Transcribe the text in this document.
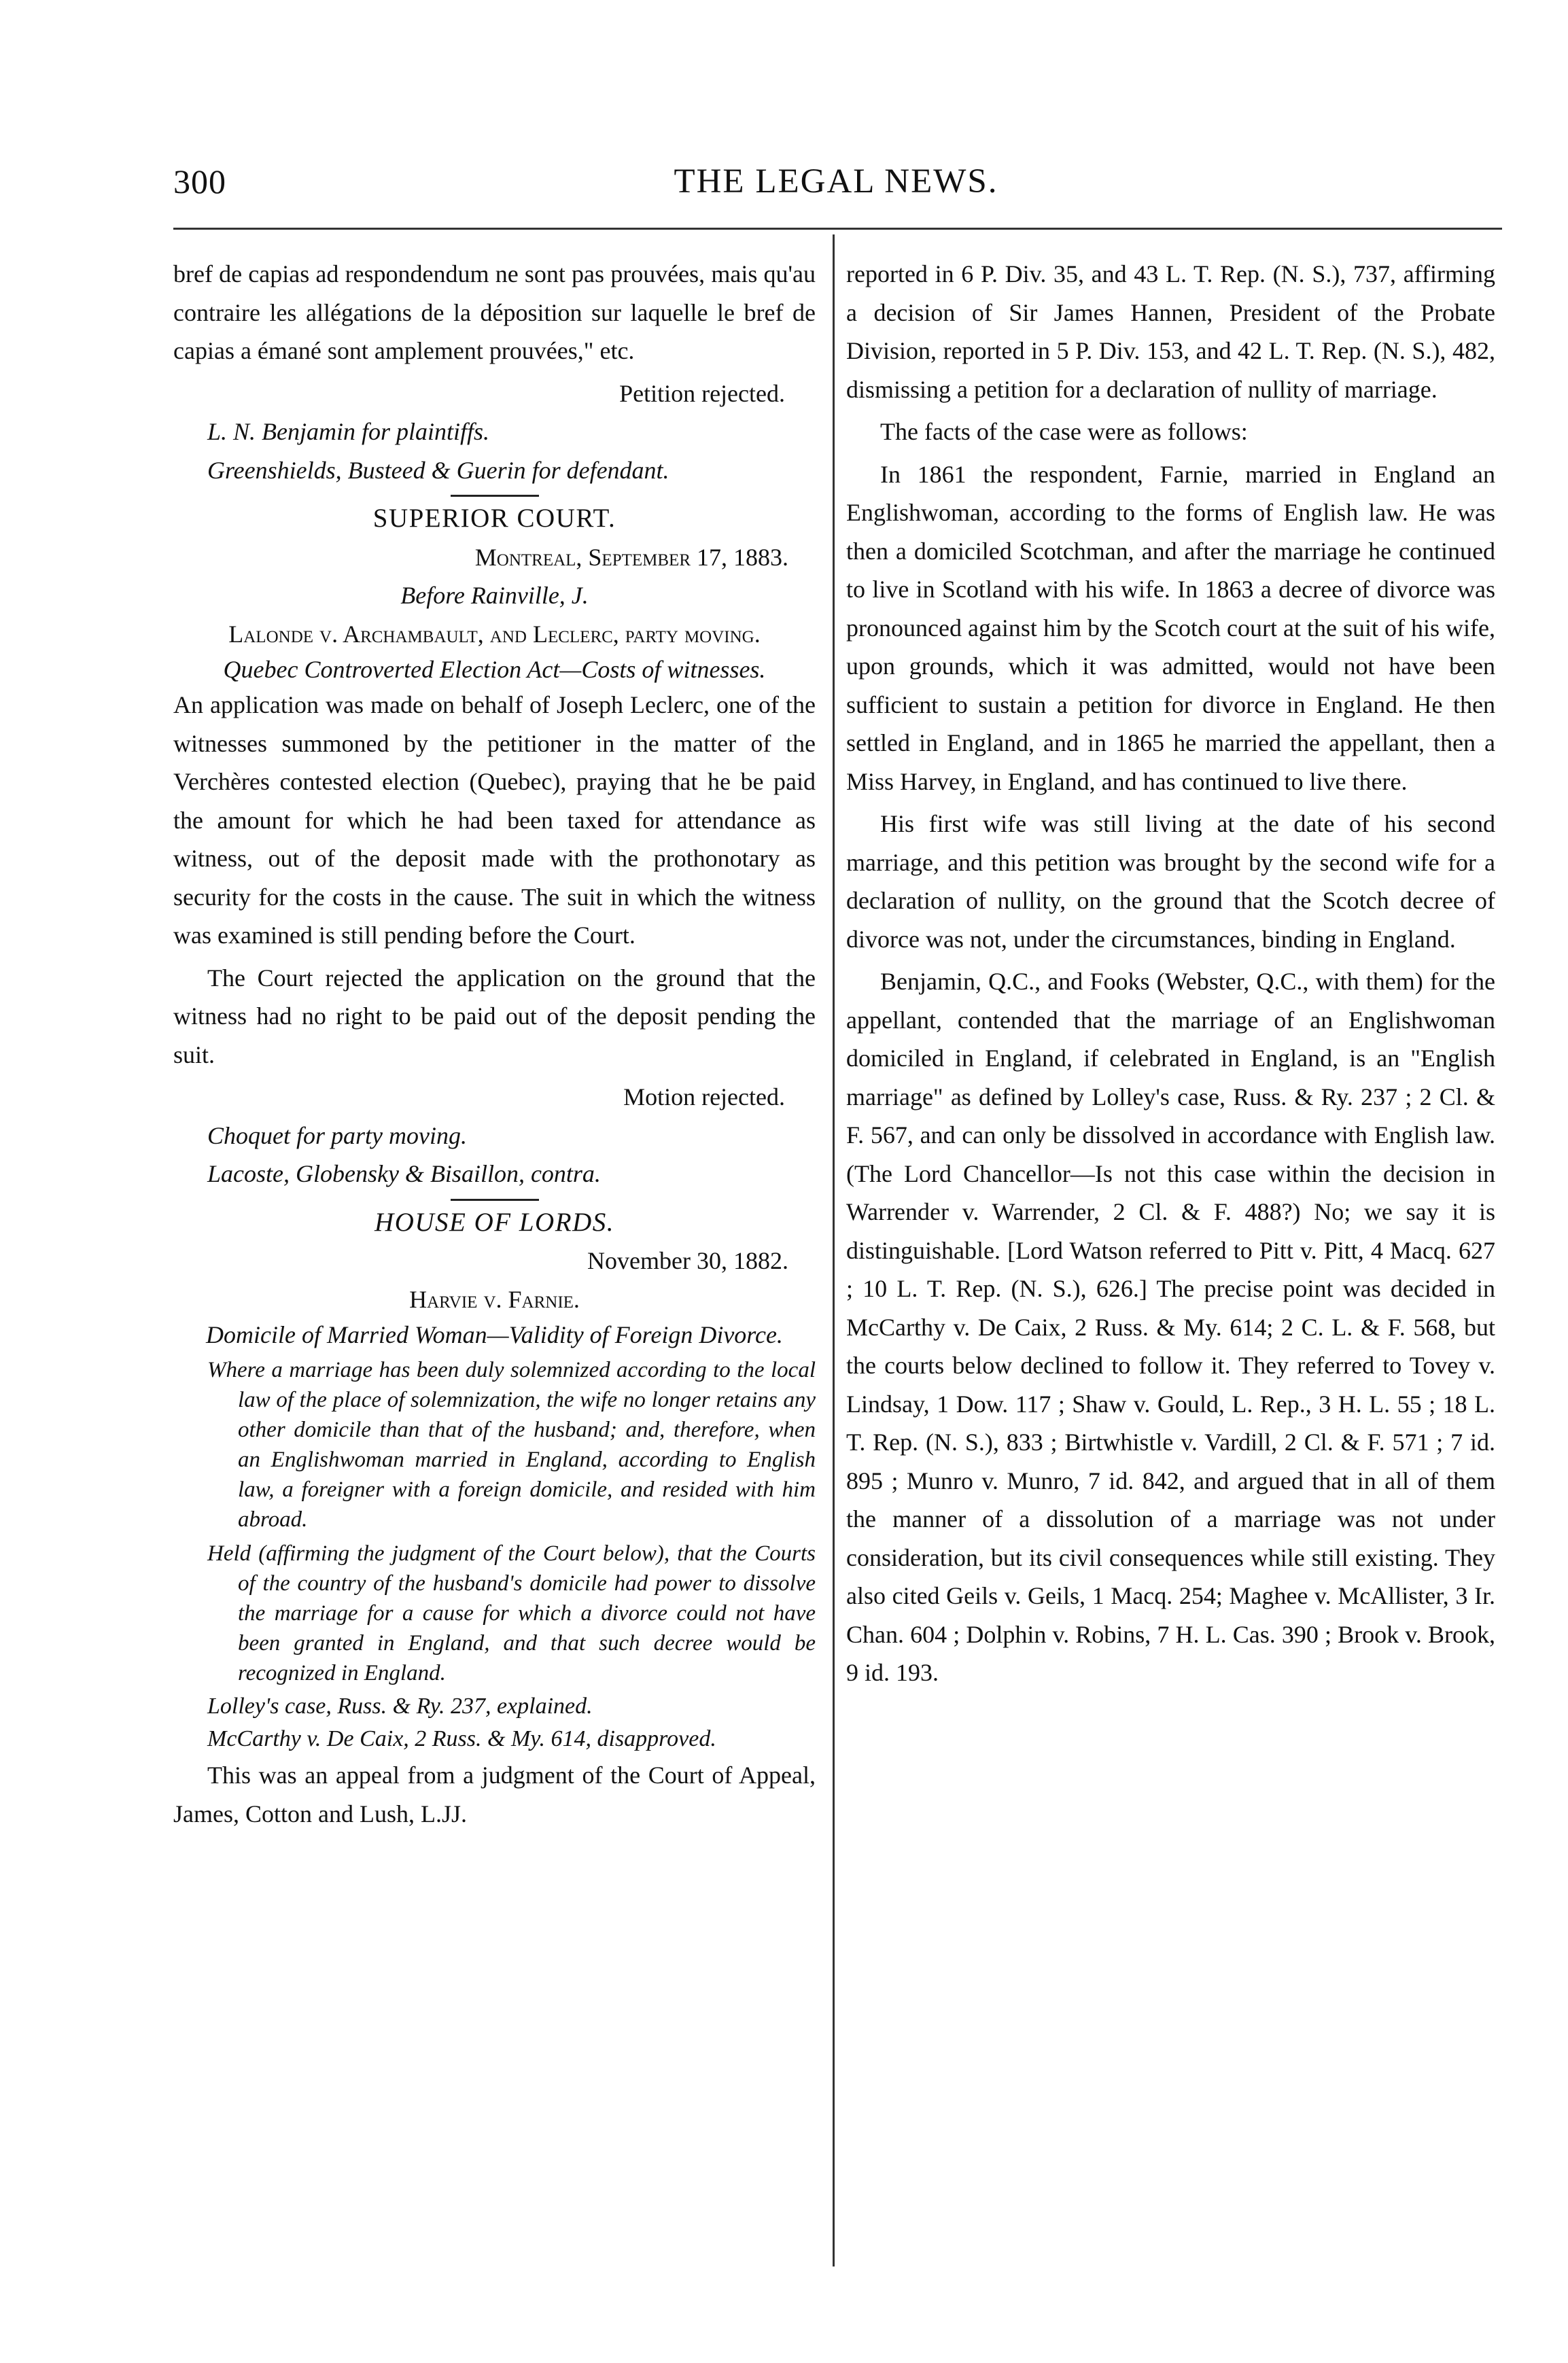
300	THE LEGAL NEWS.

bref de capias ad respondendum ne sont pas prouvées, mais qu'au contraire les allégations de la déposition sur laquelle le bref de capias a émané sont amplement prouvées," etc.

Petition rejected.

L. N. Benjamin for plaintiffs.

Greenshields, Busteed & Guerin for defendant.

SUPERIOR COURT.

Montreal, September 17, 1883.

Before Rainville, J.

Lalonde v. Archambault, and Leclerc, party moving.

Quebec Controverted Election Act—Costs of witnesses.

An application was made on behalf of Joseph Leclerc, one of the witnesses summoned by the petitioner in the matter of the Verchères contested election (Quebec), praying that he be paid the amount for which he had been taxed for attendance as witness, out of the deposit made with the prothonotary as security for the costs in the cause. The suit in which the witness was examined is still pending before the Court.

The Court rejected the application on the ground that the witness had no right to be paid out of the deposit pending the suit.

Motion rejected.

Choquet for party moving.

Lacoste, Globensky & Bisaillon, contra.

HOUSE OF LORDS.

November 30, 1882.

Harvie v. Farnie.

Domicile of Married Woman—Validity of Foreign Divorce.

Where a marriage has been duly solemnized according to the local law of the place of solemnization, the wife no longer retains any other domicile than that of the husband; and, therefore, when an Englishwoman married in England, according to English law, a foreigner with a foreign domicile, and resided with him abroad.

Held (affirming the judgment of the Court below), that the Courts of the country of the husband's domicile had power to dissolve the marriage for a cause for which a divorce could not have been granted in England, and that such decree would be recognized in England.

Lolley's case, Russ. & Ry. 237, explained.

McCarthy v. De Caix, 2 Russ. & My. 614, disapproved.

This was an appeal from a judgment of the Court of Appeal, James, Cotton and Lush, L.JJ.

reported in 6 P. Div. 35, and 43 L. T. Rep. (N. S.), 737, affirming a decision of Sir James Hannen, President of the Probate Division, reported in 5 P. Div. 153, and 42 L. T. Rep. (N. S.), 482, dismissing a petition for a declaration of nullity of marriage.

The facts of the case were as follows:

In 1861 the respondent, Farnie, married in England an Englishwoman, according to the forms of English law. He was then a domiciled Scotchman, and after the marriage he continued to live in Scotland with his wife. In 1863 a decree of divorce was pronounced against him by the Scotch court at the suit of his wife, upon grounds, which it was admitted, would not have been sufficient to sustain a petition for divorce in England. He then settled in England, and in 1865 he married the appellant, then a Miss Harvey, in England, and has continued to live there.

His first wife was still living at the date of his second marriage, and this petition was brought by the second wife for a declaration of nullity, on the ground that the Scotch decree of divorce was not, under the circumstances, binding in England.

Benjamin, Q.C., and Fooks (Webster, Q.C., with them) for the appellant, contended that the marriage of an Englishwoman domiciled in England, if celebrated in England, is an "English marriage" as defined by Lolley's case, Russ. & Ry. 237 ; 2 Cl. & F. 567, and can only be dissolved in accordance with English law. (The Lord Chancellor—Is not this case within the decision in Warrender v. Warrender, 2 Cl. & F. 488?) No; we say it is distinguishable. [Lord Watson referred to Pitt v. Pitt, 4 Macq. 627 ; 10 L. T. Rep. (N. S.), 626.] The precise point was decided in McCarthy v. De Caix, 2 Russ. & My. 614; 2 C. L. & F. 568, but the courts below declined to follow it. They referred to Tovey v. Lindsay, 1 Dow. 117 ; Shaw v. Gould, L. Rep., 3 H. L. 55 ; 18 L. T. Rep. (N. S.), 833 ; Birtwhistle v. Vardill, 2 Cl. & F. 571 ; 7 id. 895 ; Munro v. Munro, 7 id. 842, and argued that in all of them the manner of a dissolution of a marriage was not under consideration, but its civil consequences while still existing. They also cited Geils v. Geils, 1 Macq. 254; Maghee v. McAllister, 3 Ir. Chan. 604 ; Dolphin v. Robins, 7 H. L. Cas. 390 ; Brook v. Brook, 9 id. 193.
